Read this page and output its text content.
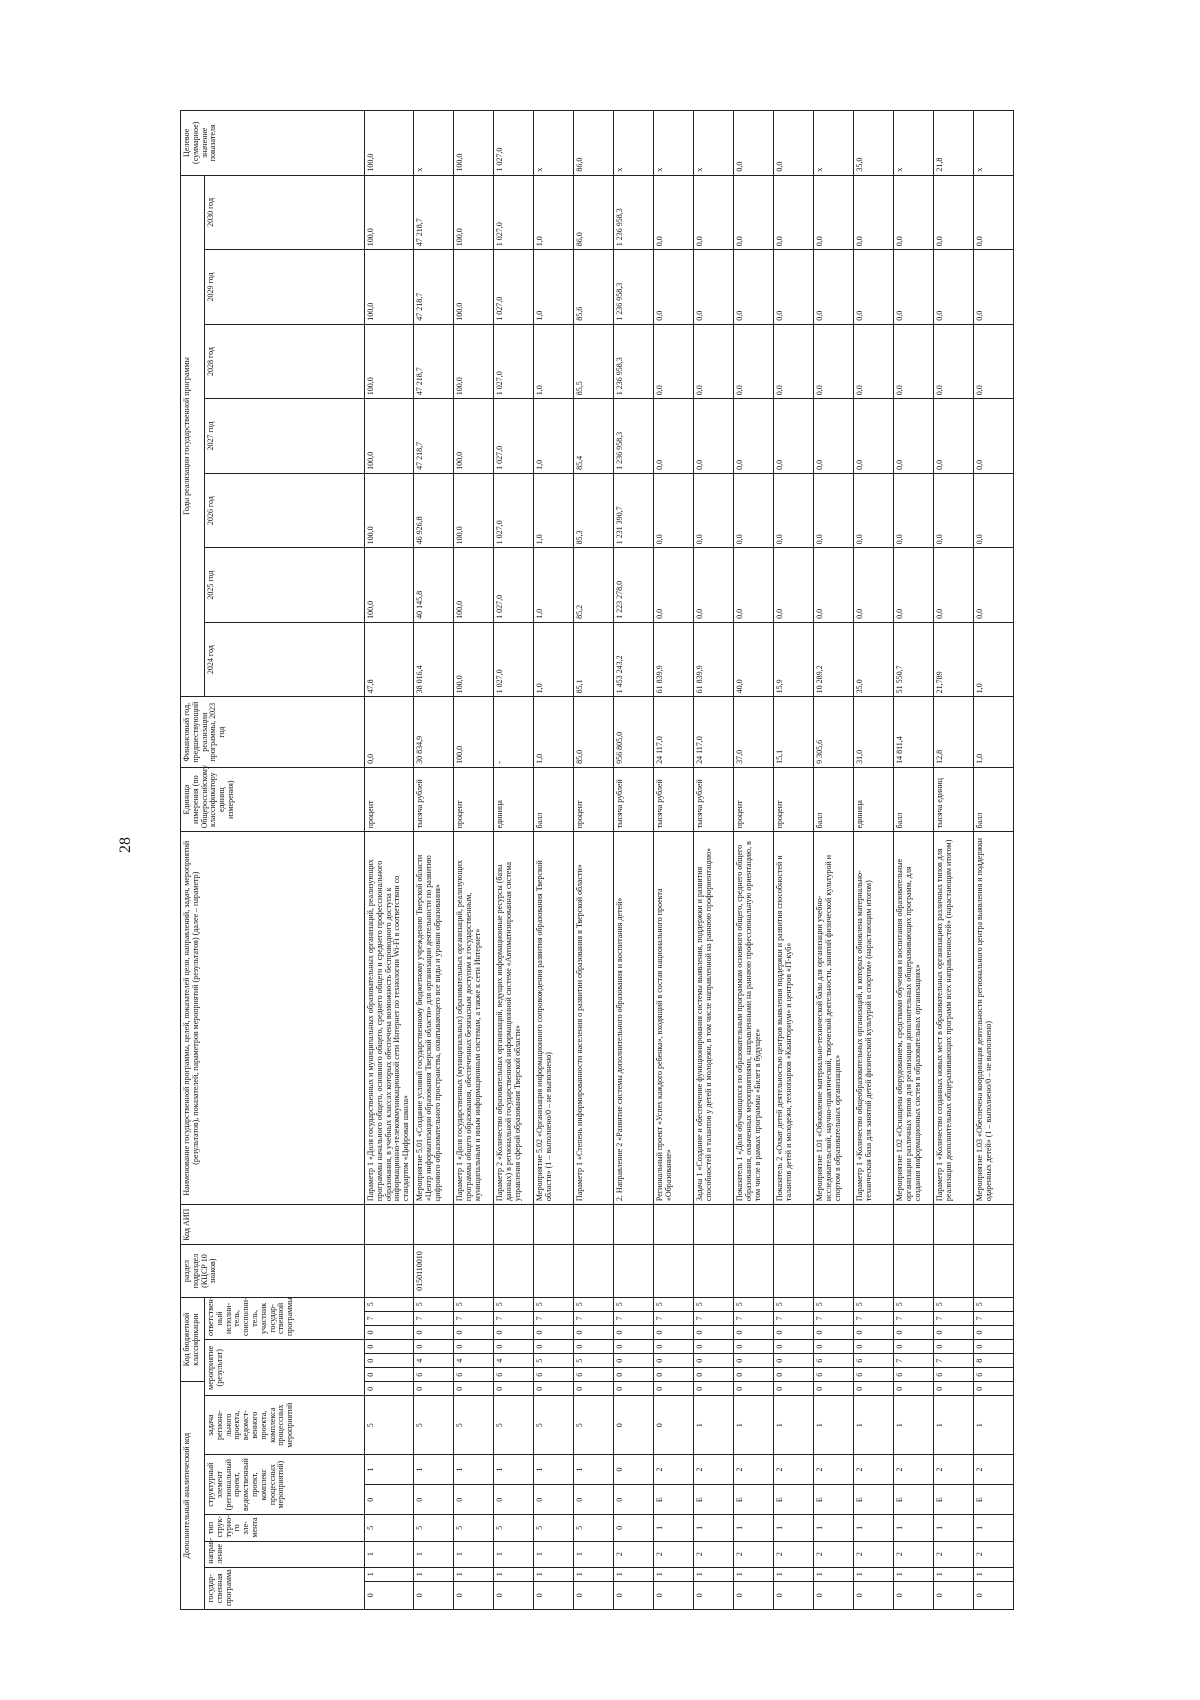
28
Дополнительный аналитический код								Код бюджетной классификации						раздел подраздел (КЦСР 10 знаков)	Код АИП	Наименование государственной программы, целей, показателей цели, направлений, задач, мероприятий (результатов), показателей, параметров мероприятий (результатов) (далее – параметр)	Единица измерения (по Общероссийскому классификатору единиц измерения)	Финансовый год, предшествующий реализации программы, 2023 год	Годы реализации государственной программы							Целевое (суммарное) значение показателя
государ-ственная программа		направ-ление	тип струк-турно-го эле-мента	структурный элемент (региональный проект, ведомственный проект, комплекс процессных мероприятий)		задача региона-льного проекта, ведомст-венного проекта, комплекса процессных мероприятий	мероприятие (результат)				ответствен-ный исполни-тель, соисполни-тель, участник государ-ственной программы								2024 год	2025 год	2026 год	2027 год	2028 год	2029 год	2030 год	
0	1	1	5	0	1	5	0	0	0	0	0	7	5			Параметр 1 «Доля государственных и муниципальных образовательных организаций, реализующих программы начального общего, основного общего, среднего общего и среднего профессионального образования, в учебных классах которых обеспечена возможность беспроводного доступа к информационно-телекоммуникационной сети Интернет по технологии Wi-Fi в соответствии со стандартом «Цифровая школа»	процент	0,0	47,8	100,0	100,0	100,0	100,0	100,0	100,0	100,0
0	1	1	5	0	1	5	0	6	4	0	0	7	5	0150110010		Мероприятие 5.01 «Создание условий государственному бюджетному учреждению Тверской области «Центр информатизации образования Тверской области» для организации деятельности по развитию цифрового образовательного пространства, охватывающего все виды и уровни образования»	тысяча рублей	30 834,9	38 016,4	40 145,8	46 926,8	47 218,7	47 218,7	47 218,7	47 218,7	х
0	1	1	5	0	1	5	0	6	4	0	0	7	5			Параметр 1 «Доля государственных (муниципальных) образовательных организаций, реализующих программы общего образования, обеспеченных безопасным доступом к государственным, муниципальным и иным информационным системам, а также к сети Интернет»	процент	100,0	100,0	100,0	100,0	100,0	100,0	100,0	100,0	100,0
0	1	1	5	0	1	5	0	6	4	0	0	7	5			Параметр 2 «Количество образовательных организаций, ведущих информационные ресурсы (базы данных) в региональной государственной информационной системе «Автоматизированная система управления сферой образования Тверской области»	единица	-	1 027,0	1 027,0	1 027,0	1 027,0	1 027,0	1 027,0	1 027,0	1 027,0
0	1	1	5	0	1	5	0	6	5	0	0	7	5			Мероприятие 5.02 «Организация информационного сопровождения развития образования Тверской области» (1 – выполнено/0 – не выполнено)	балл	1,0	1,0	1,0	1,0	1,0	1,0	1,0	1,0	х
0	1	1	5	0	1	5	0	6	5	0	0	7	5			Параметр 1 «Степень информированности населения о развитии образования в Тверской области»	процент	85,0	85,1	85,2	85,3	85,4	85,5	85,6	86,0	86,0
0	1	2	0	0	0	0	0	0	0	0	0	7	5			2. Направление 2 «Развитие системы дополнительного образования и воспитания детей»	тысяча рублей	956 805,0	1 453 243,2	1 223 278,0	1 231 390,7	1 236 958,3	1 236 958,3	1 236 958,3	1 236 958,3	х
0	1	2	1	Е	2	0	0	0	0	0	0	7	5			Региональный проект «Успех каждого ребенка», входящий в состав национального проекта «Образование»	тысяча рублей	24 117,0	61 839,9	0,0	0,0	0,0	0,0	0,0	0,0	х
0	1	2	1	Е	2	1	0	0	0	0	0	7	5			Задача 1 «Создание и обеспечение функционирования системы выявления, поддержки и развития способностей и талантов у детей и молодежи, в том числе направленной на раннюю профориентацию»	тысяча рублей	24 117,0	61 839,9	0,0	0,0	0,0	0,0	0,0	0,0	х
0	1	2	1	Е	2	1	0	0	0	0	0	7	5			Показатель 1 «Доля обучающихся по образовательным программам основного общего, среднего общего образования, охваченных мероприятиями, направленными на раннюю профессиональную ориентацию, в том числе в рамках программы «Билет в будущее»	процент	37,0	40,0	0,0	0,0	0,0	0,0	0,0	0,0	0,0
0	1	2	1	Е	2	1	0	0	0	0	0	7	5			Показатель 2 «Охват детей деятельностью центров выявления поддержки и развития способностей и талантов детей и молодежи, технопарков «Кванториум» и центров «IT-куб»	процент	15,1	15,9	0,0	0,0	0,0	0,0	0,0	0,0	0,0
0	1	2	1	Е	2	1	0	6	6	0	0	7	5			Мероприятие 1.01 «Обновление материально-технической базы для организации учебно-исследовательской, научно-практической, творческой деятельности, занятий физической культурой и спортом в образовательных организациях»	балл	9 305,6	10 289,2	0,0	0,0	0,0	0,0	0,0	0,0	х
0	1	2	1	Е	2	1	0	6	6	0	0	7	5			Параметр 1 «Количество общеобразовательных организаций, в которых обновлена материально-техническая база для занятий детей физической культурой и спортом» (нарастающим итогом)	единица	31,0	35,0	0,0	0,0	0,0	0,0	0,0	0,0	35,0
0	1	2	1	Е	2	1	0	6	7	0	0	7	5			Мероприятие 1.02 «Оснащены оборудованием, средствами обучения и воспитания образовательные организации различных типов для реализации дополнительных общеразвивающих программ, для создания информационных систем в образовательных организациях»	балл	14 811,4	51 550,7	0,0	0,0	0,0	0,0	0,0	0,0	х
0	1	2	1	Е	2	1	0	6	7	0	0	7	5			Параметр 1 «Количество созданных новых мест в образовательных организациях различных типов для реализации дополнительных общеразвивающих программ всех направленностей» (нарастающим итогом)	тысяча единиц	12,8	21,789	0,0	0,0	0,0	0,0	0,0	0,0	21,8
0	1	2	1	Е	2	1	0	6	8	0	0	7	5			Мероприятие 1.03 «Обеспечена координация деятельности регионального центра выявления и поддержки одаренных детей» (1 – выполнено/0 – не выполнено)	балл	1,0	1,0	0,0	0,0	0,0	0,0	0,0	0,0	х
